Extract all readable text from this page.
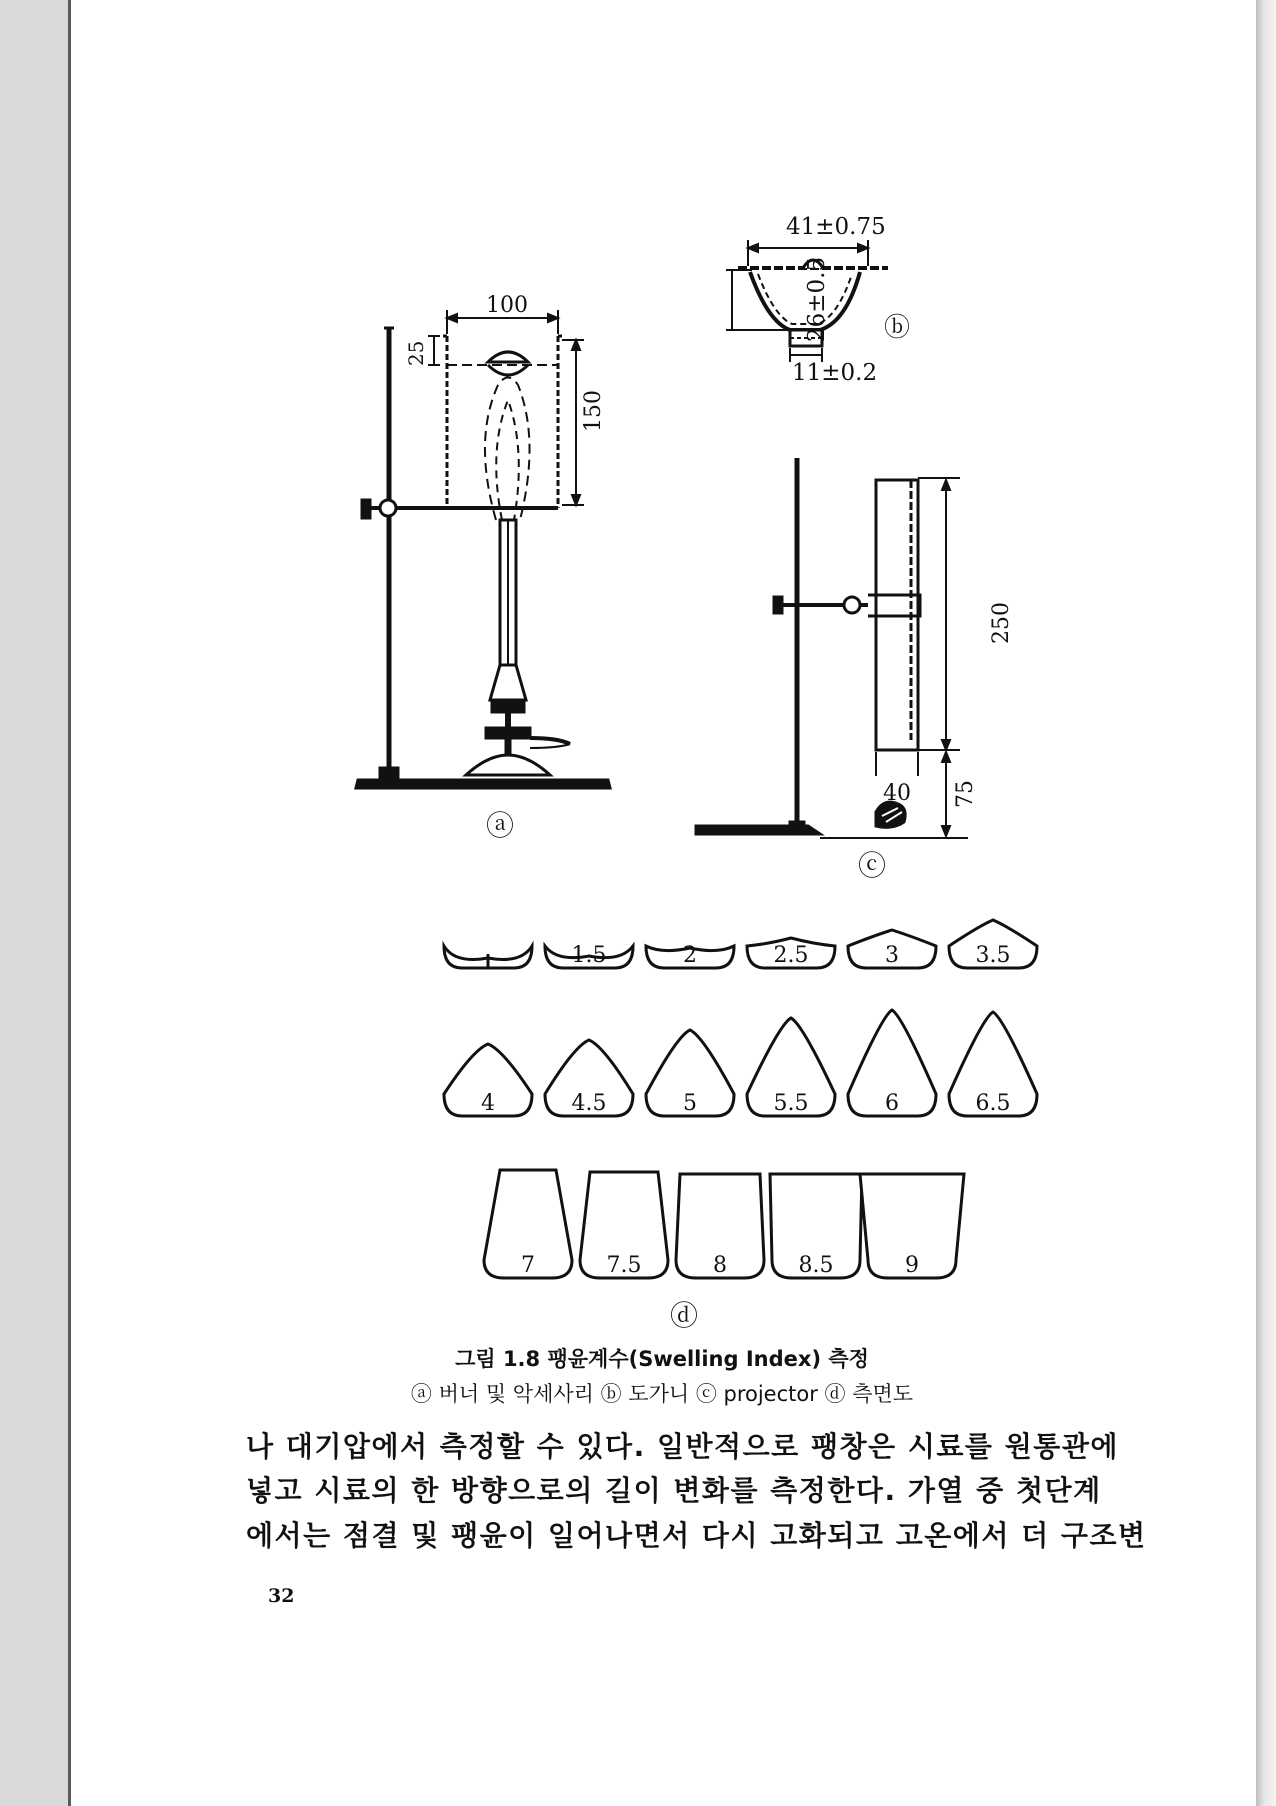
100
25
150
ⓐ
41±0.75
26±0.5
11±0.2
ⓑ
250
40 75
ⓒ
1.5	2	2.5	3	3.5
4	4.5	5	5.5	6	6.5
7	7.5	8	8.5	9
ⓓ
그림 1.8 팽윤계수(Swelling Index) 측정
ⓐ 버너 및 악세사리 ⓑ 도가니 ⓒ projector ⓓ 측면도
나 대기압에서 측정할 수 있다. 일반적으로 팽창은 시료를 원통관에
넣고 시료의 한 방향으로의 길이 변화를 측정한다. 가열 중 첫단계
에서는 점결 및 팽윤이 일어나면서 다시 고화되고 고온에서 더 구조변
32
